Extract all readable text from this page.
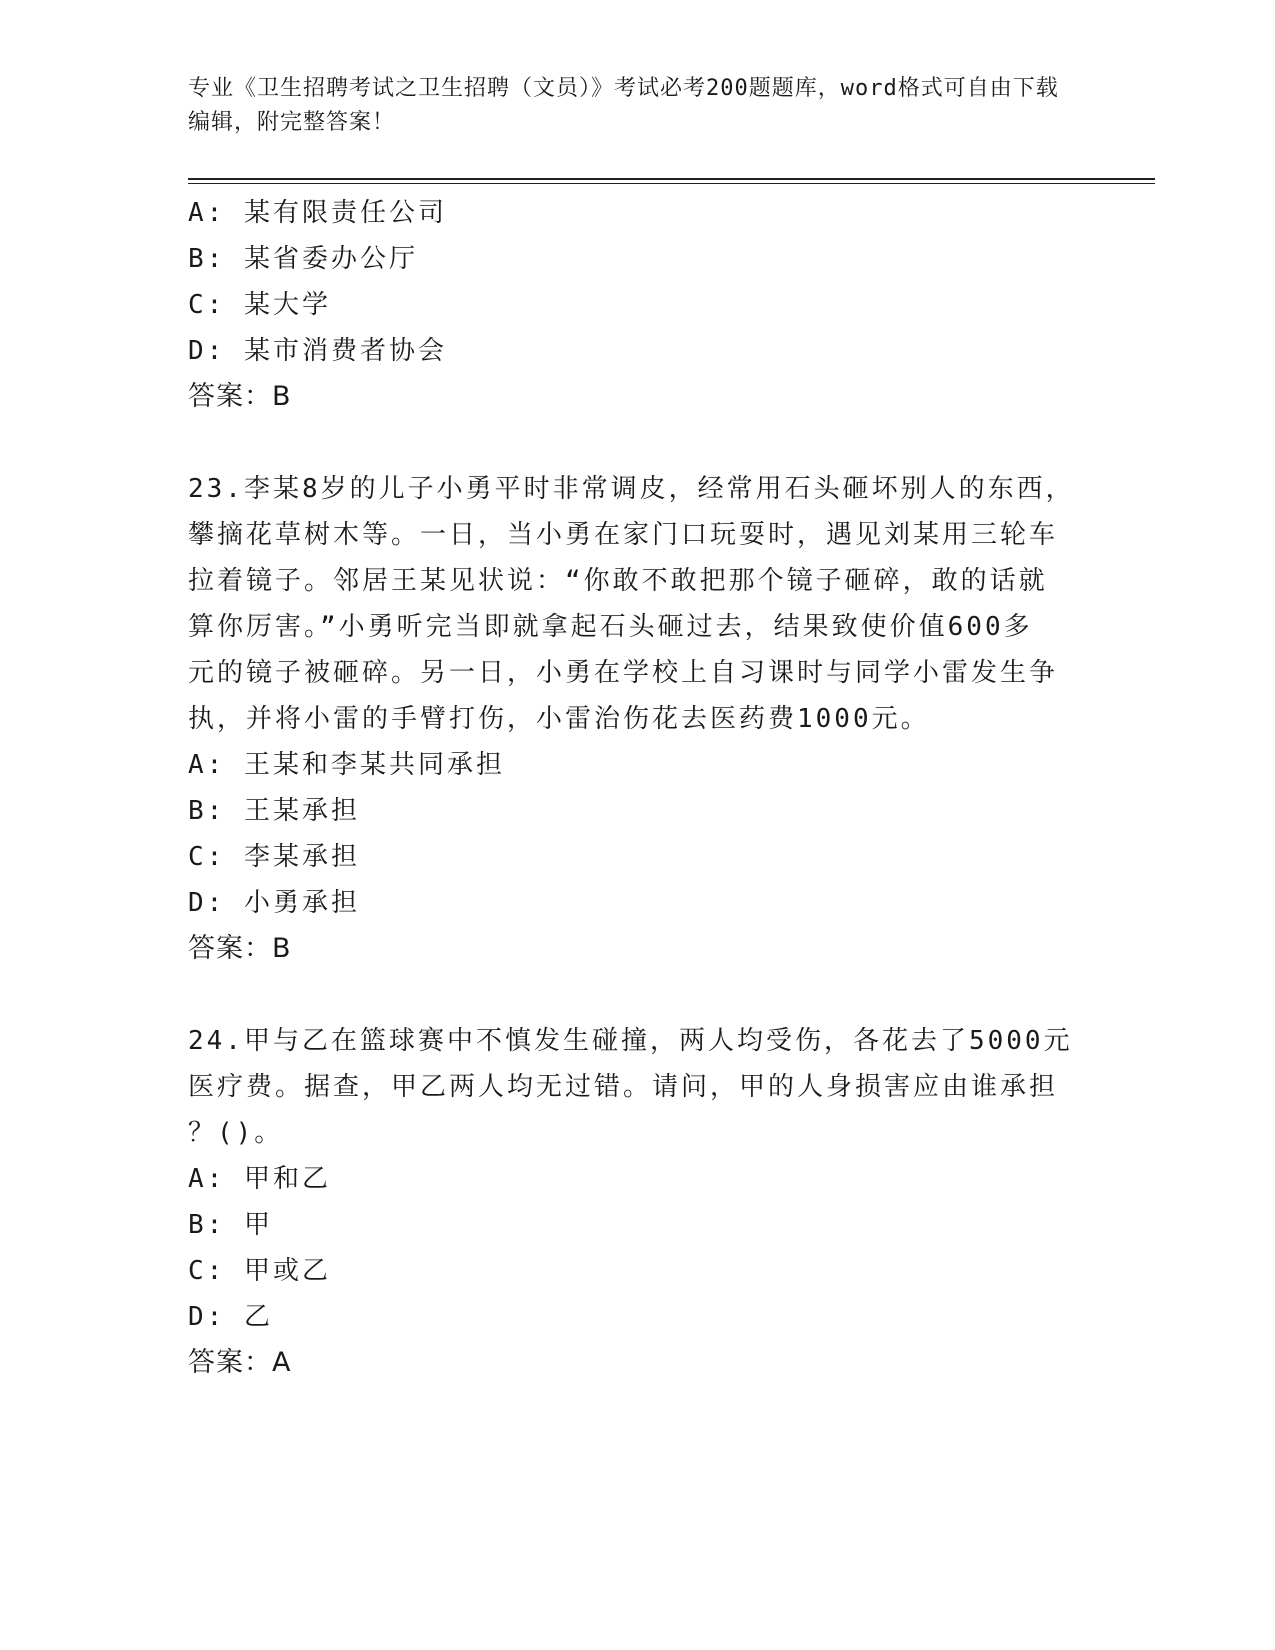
专业《卫生招聘考试之卫生招聘（文员）》考试必考200题题库，word格式可自由下载编辑，附完整答案！
A: 某有限责任公司
B: 某省委办公厅
C: 某大学
D: 某市消费者协会
答案：B
23.李某8岁的儿子小勇平时非常调皮，经常用石头砸坏别人的东西，
攀摘花草树木等。一日，当小勇在家门口玩耍时，遇见刘某用三轮车
拉着镜子。邻居王某见状说：“你敢不敢把那个镜子砸碎，敢的话就
算你厉害。”小勇听完当即就拿起石头砸过去，结果致使价值600多
元的镜子被砸碎。另一日，小勇在学校上自习课时与同学小雷发生争
执，并将小雷的手臂打伤，小雷治伤花去医药费1000元。
A: 王某和李某共同承担
B: 王某承担
C: 李某承担
D: 小勇承担
答案：B
24.甲与乙在篮球赛中不慎发生碰撞，两人均受伤，各花去了5000元
医疗费。据查，甲乙两人均无过错。请问，甲的人身损害应由谁承担
？()。
A: 甲和乙
B: 甲
C: 甲或乙
D: 乙
答案：A
